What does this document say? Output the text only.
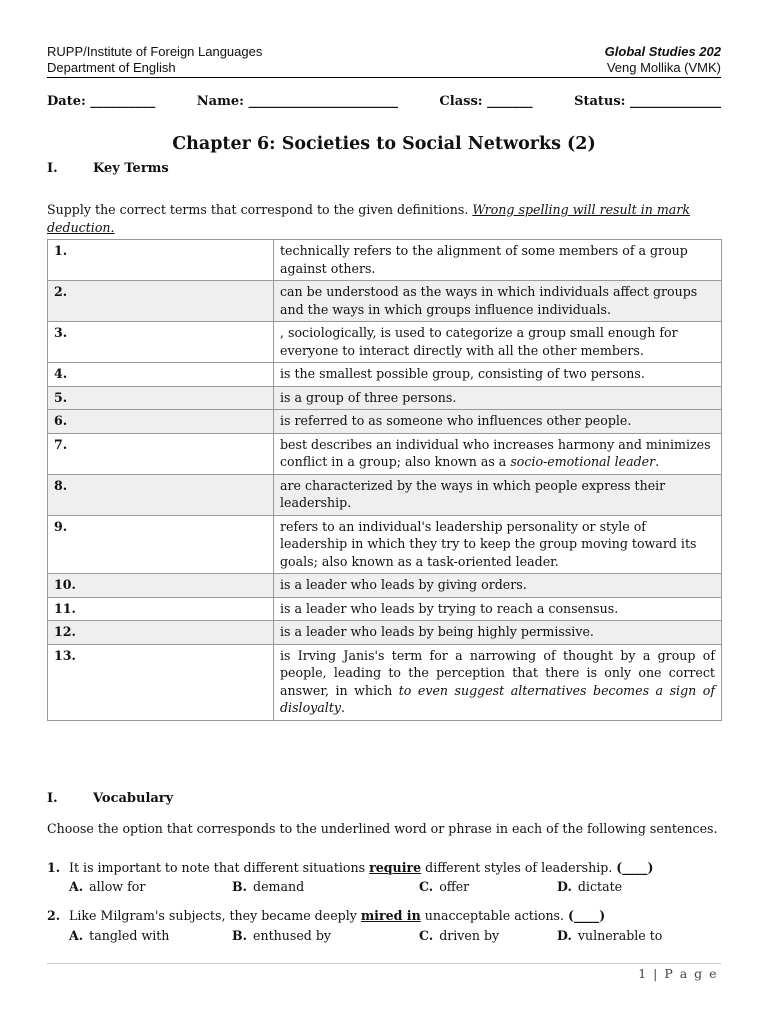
RUPP/Institute of Foreign Languages
Department of English
Global Studies 202
Veng Mollika (VMK)
Date: __________	Name: _______________________	Class: _______	Status: ______________
Chapter 6: Societies to Social Networks (2)
I.	Key Terms
Supply the correct terms that correspond to the given definitions. Wrong spelling will result in mark deduction.
1.	technically refers to the alignment of some members of a group against others.
2.	can be understood as the ways in which individuals affect groups and the ways in which groups influence individuals.
3.	, sociologically, is used to categorize a group small enough for everyone to interact directly with all the other members.
4.	is the smallest possible group, consisting of two persons.
5.	is a group of three persons.
6.	is referred to as someone who influences other people.
7.	best describes an individual who increases harmony and minimizes conflict in a group; also known as a socio-emotional leader.
8.	are characterized by the ways in which people express their leadership.
9.	refers to an individual's leadership personality or style of leadership in which they try to keep the group moving toward its goals; also known as a task-oriented leader.
10.	is a leader who leads by giving orders.
11.	is a leader who leads by trying to reach a consensus.
12.	is a leader who leads by being highly permissive.
13.	is Irving Janis's term for a narrowing of thought by a group of people, leading to the perception that there is only one correct answer, in which to even suggest alternatives becomes a sign of disloyalty.
I.	Vocabulary
Choose the option that corresponds to the underlined word or phrase in each of the following sentences.
1. It is important to note that different situations require different styles of leadership. (____)
A. allow for	B. demand	C. offer	D. dictate
2. Like Milgram's subjects, they became deeply mired in unacceptable actions. (____)
A. tangled with	B. enthused by	C. driven by	D. vulnerable to
1 | P a g e
